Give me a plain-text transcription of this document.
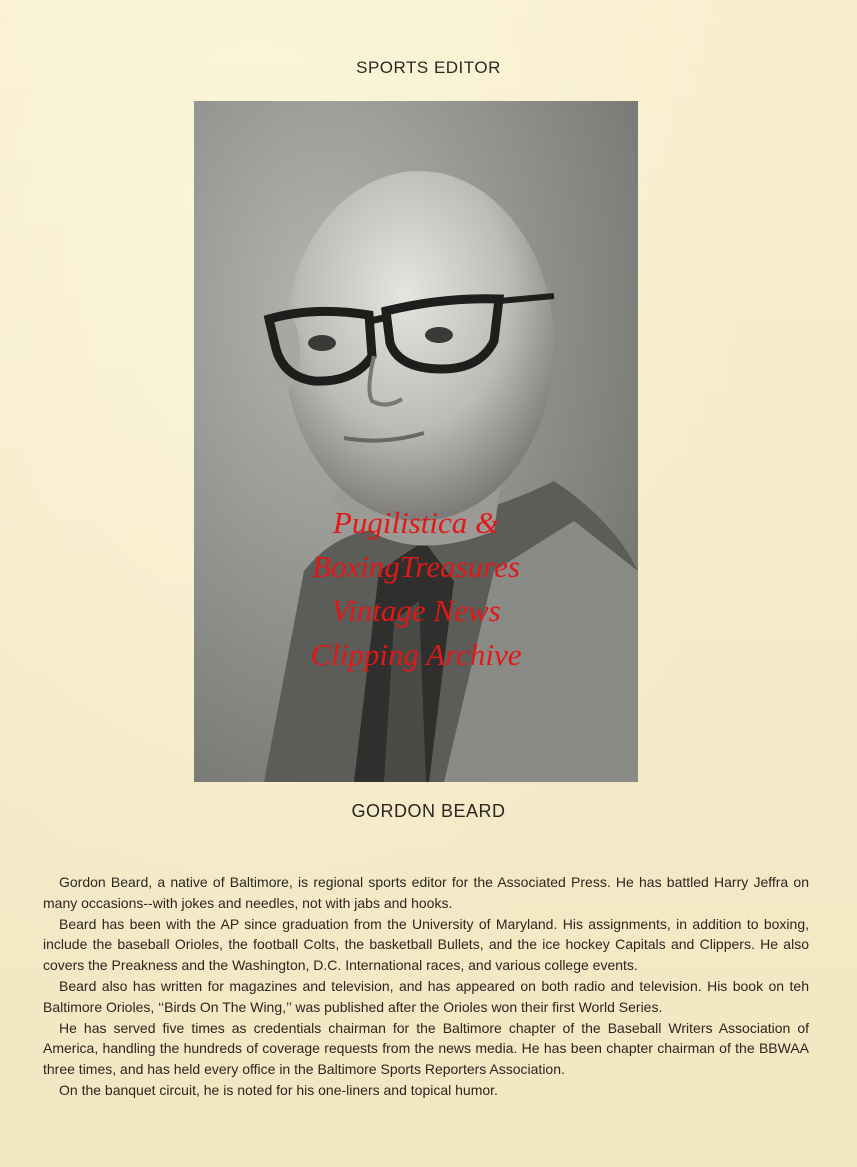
SPORTS EDITOR
Pugilistica &
BoxingTreasures
Vintage News
Clipping Archive
GORDON BEARD

Gordon Beard, a native of Baltimore, is regional sports editor for the Associated Press. He has battled Harry Jeffra on many occasions--with jokes and needles, not with jabs and hooks.

Beard has been with the AP since graduation from the University of Maryland. His assignments, in addition to boxing, include the baseball Orioles, the football Colts, the basketball Bullets, and the ice hockey Capitals and Clippers. He also covers the Preakness and the Washington, D.C. International races, and various college events.

Beard also has written for magazines and television, and has appeared on both radio and television. His book on teh Baltimore Orioles, ‘‘Birds On The Wing,’’ was published after the Orioles won their first World Series.

He has served five times as credentials chairman for the Baltimore chapter of the Baseball Writers Association of America, handling the hundreds of coverage requests from the news media. He has been chapter chairman of the BBWAA three times, and has held every office in the Baltimore Sports Reporters Association.

On the banquet circuit, he is noted for his one-liners and topical humor.
